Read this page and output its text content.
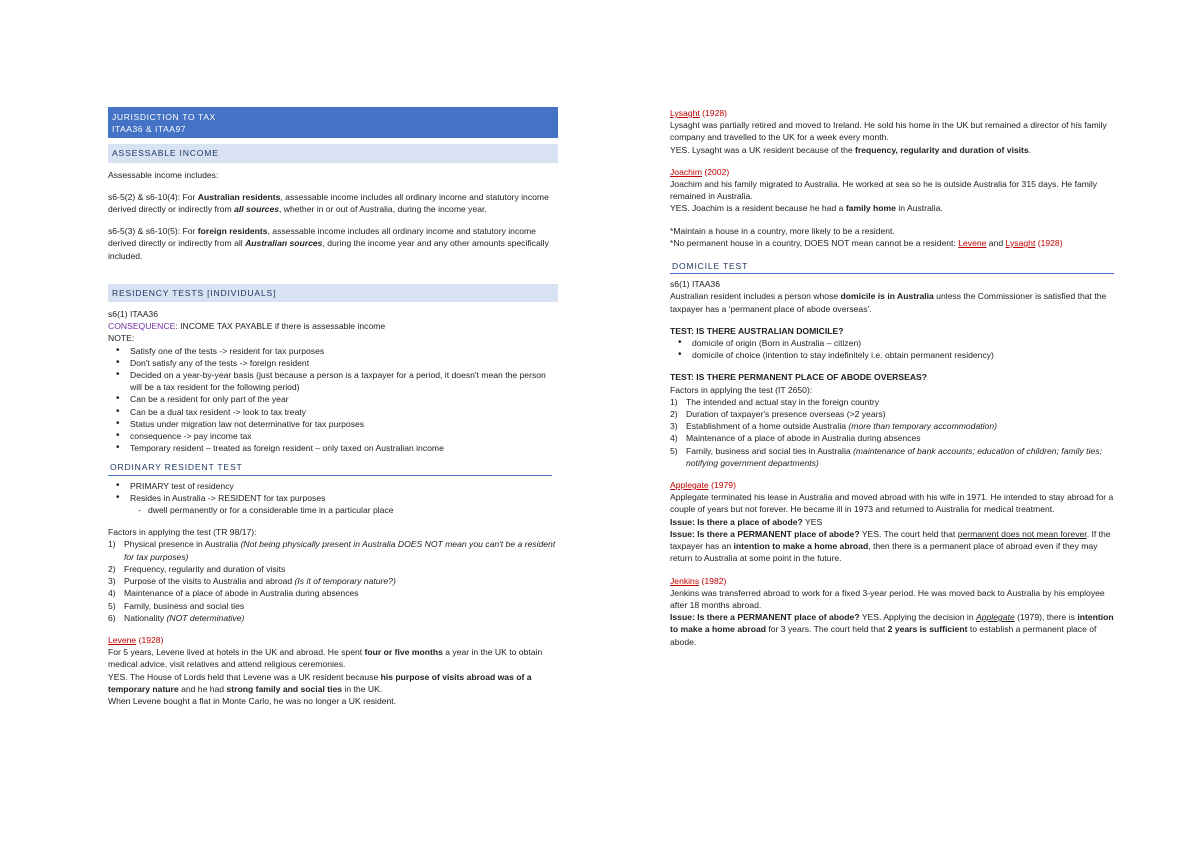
JURISDICTION TO TAX
ITAA36 & ITAA97
ASSESSABLE INCOME

Assessable income includes:

s6-5(2) & s6-10(4): For Australian residents, assessable income includes all ordinary income and statutory income derived directly or indirectly from all sources, whether in or out of Australia, during the income year.

s6-5(3) & s6-10(5): For foreign residents, assessable income includes all ordinary income and statutory income derived directly or indirectly from all Australian sources, during the income year and any other amounts specifically included.

RESIDENCY TESTS [INDIVIDUALS]

s6(1) ITAA36

CONSEQUENCE: INCOME TAX PAYABLE if there is assessable income

NOTE:

• Satisfy one of the tests -> resident for tax purposes
• Don't satisfy any of the tests -> foreign resident
• Decided on a year-by-year basis (just because a person is a taxpayer for a period, it doesn't mean the person will be a tax resident for the following period)
• Can be a resident for only part of the year
• Can be a dual tax resident -> look to tax treaty
• Status under migration law not determinative for tax purposes
• consequence -> pay income tax
• Temporary resident – treated as foreign resident – only taxed on Australian income
ORDINARY RESIDENT TEST
• PRIMARY test of residency
• Resides in Australia -> RESIDENT for tax purposes
- dwell permanently or for a considerable time in a particular place

Factors in applying the test (TR 98/17):

1) Physical presence in Australia (Not being physically present in Australia DOES NOT mean you can't be a resident for tax purposes)
2) Frequency, regularity and duration of visits
3) Purpose of the visits to Australia and abroad (Is it of temporary nature?)
4) Maintenance of a place of abode in Australia during absences
5) Family, business and social ties
6) Nationality (NOT determinative)

Levene (1928)

For 5 years, Levene lived at hotels in the UK and abroad. He spent four or five months a year in the UK to obtain medical advice, visit relatives and attend religious ceremonies.

YES. The House of Lords held that Levene was a UK resident because his purpose of visits abroad was of a temporary nature and he had strong family and social ties in the UK.

When Levene bought a flat in Monte Carlo, he was no longer a UK resident.

Lysaght (1928)

Lysaght was partially retired and moved to Ireland. He sold his home in the UK but remained a director of his family company and travelled to the UK for a week every month.

YES. Lysaght was a UK resident because of the frequency, regularity and duration of visits.

Joachim (2002)

Joachim and his family migrated to Australia. He worked at sea so he is outside Australia for 315 days. He family remained in Australia.

YES. Joachim is a resident because he had a family home in Australia.

*Maintain a house in a country, more likely to be a resident.

*No permanent house in a country, DOES NOT mean cannot be a resident: Levene and Lysaght (1928)

DOMICILE TEST

s6(1) ITAA36

Australian resident includes a person whose domicile is in Australia unless the Commissioner is satisfied that the taxpayer has a 'permanent place of abode overseas'.

TEST: IS THERE AUSTRALIAN DOMICILE?

• domicile of origin (Born in Australia – citizen)
• domicile of choice (intention to stay indefinitely i.e. obtain permanent residency)

TEST: IS THERE PERMANENT PLACE OF ABODE OVERSEAS?

Factors in applying the test (IT 2650):

1) The intended and actual stay in the foreign country
2) Duration of taxpayer's presence overseas (>2 years)
3) Establishment of a home outside Australia (more than temporary accommodation)
4) Maintenance of a place of abode in Australia during absences
5) Family, business and social ties in Australia (maintenance of bank accounts; education of children; family ties; notifying government departments)

Applegate (1979)

Applegate terminated his lease in Australia and moved abroad with his wife in 1971. He intended to stay abroad for a couple of years but not forever. He became ill in 1973 and returned to Australia for medical treatment.

Issue: Is there a place of abode? YES

Issue: Is there a PERMANENT place of abode? YES. The court held that permanent does not mean forever. If the taxpayer has an intention to make a home abroad, then there is a permanent place of abroad even if they may return to Australia at some point in the future.

Jenkins (1982)

Jenkins was transferred abroad to work for a fixed 3-year period. He was moved back to Australia by his employee after 18 months abroad.

Issue: Is there a PERMANENT place of abode? YES. Applying the decision in Applegate (1979), there is intention to make a home abroad for 3 years. The court held that 2 years is sufficient to establish a permanent place of abode.
